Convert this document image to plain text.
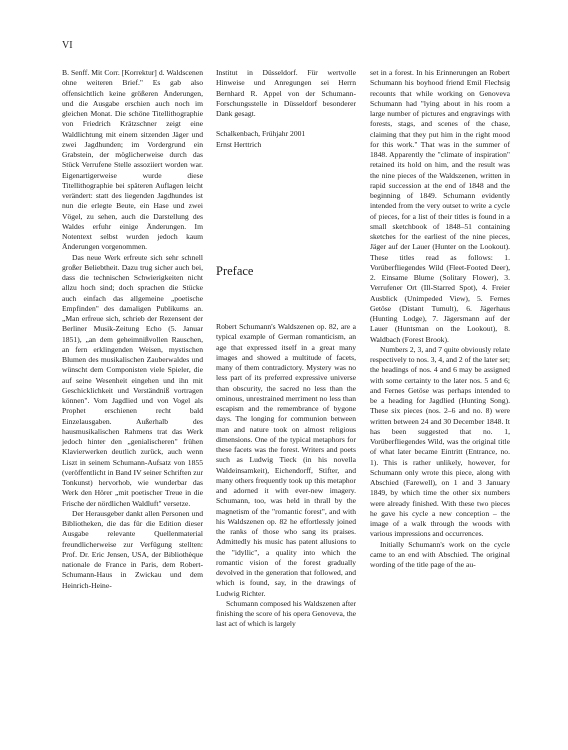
VI

B. Senff. Mit Corr. [Korrektur] d. Waldscenen ohne weiteren Brief." Es gab also offensichtlich keine größeren Änderungen, und die Ausgabe erschien auch noch im gleichen Monat. Die schöne Titellithographie von Friedrich Krätzschner zeigt eine Waldlichtung mit einem sitzenden Jäger und zwei Jagdhunden; im Vordergrund ein Grabstein, der möglicherweise durch das Stück Verrufene Stelle assoziiert worden war. Eigenartigerweise wurde diese Titellithographie bei späteren Auflagen leicht verändert: statt des liegenden Jagdhundes ist nun die erlegte Beute, ein Hase und zwei Vögel, zu sehen, auch die Darstellung des Waldes erfuhr einige Änderungen. Im Notentext selbst wurden jedoch kaum Änderungen vorgenommen.

Das neue Werk erfreute sich sehr schnell großer Beliebtheit. Dazu trug sicher auch bei, dass die technischen Schwierigkeiten nicht allzu hoch sind; doch sprachen die Stücke auch einfach das allgemeine „poetische Empfinden" des damaligen Publikums an. „Man erfreue sich, schrieb der Rezensent der Berliner Musik-Zeitung Echo (5. Januar 1851), „an dem geheimnißvollen Rauschen, an fern erklingenden Weisen, mystischen Blumen des musikalischen Zauberwaldes und wünscht dem Componisten viele Spieler, die auf seine Wesenheit eingehen und ihn mit Geschicklichkeit und Verständniß vortragen können". Vom Jagdlied und von Vogel als Prophet erschienen recht bald Einzelausgaben. Außerhalb des hausmusikalischen Rahmens trat das Werk jedoch hinter den „genialischeren" frühen Klavierwerken deutlich zurück, auch wenn Liszt in seinem Schumann-Aufsatz von 1855 (veröffentlicht in Band IV seiner Schriften zur Tonkunst) hervorhob, wie wunderbar das Werk den Hörer „mit poetischer Treue in die Frische der nördlichen Waldluft" versetze.

Der Herausgeber dankt allen Personen und Bibliotheken, die das für die Edition dieser Ausgabe relevante Quellenmaterial freundlicherweise zur Verfügung stellten: Prof. Dr. Eric Jensen, USA, der Bibliothèque nationale de France in Paris, dem Robert-Schumann-Haus in Zwickau und dem Heinrich-Heine-

Institut in Düsseldorf. Für wertvolle Hinweise und Anregungen sei Herrn Bernhard R. Appel von der Schumann-Forschungsstelle in Düsseldorf besonderer Dank gesagt.

Schalkenbach, Frühjahr 2001

Ernst Herttrich

Preface

Robert Schumann's Waldszenen op. 82, are a typical example of German romanticism, an age that expressed itself in a great many images and showed a multitude of facets, many of them contradictory. Mystery was no less part of its preferred expressive universe than obscurity, the sacred no less than the ominous, unrestrained merriment no less than escapism and the remembrance of bygone days. The longing for communion between man and nature took on almost religious dimensions. One of the typical metaphors for these facets was the forest. Writers and poets such as Ludwig Tieck (in his novella Waldeinsamkeit), Eichendorff, Stifter, and many others frequently took up this metaphor and adorned it with ever-new imagery. Schumann, too, was held in thrall by the magnetism of the "romantic forest", and with his Waldszenen op. 82 he effortlessly joined the ranks of those who sang its praises. Admittedly his music has patent allusions to the "idyllic", a quality into which the romantic vision of the forest gradually devolved in the generation that followed, and which is found, say, in the drawings of Ludwig Richter.

Schumann composed his Waldszenen after finishing the score of his opera Genoveva, the last act of which is largely

set in a forest. In his Erinnerungen an Robert Schumann his boyhood friend Emil Flechsig recounts that while working on Genoveva Schumann had "lying about in his room a large number of pictures and engravings with forests, stags, and scenes of the chase, claiming that they put him in the right mood for this work." That was in the summer of 1848. Apparently the "climate of inspiration" retained its hold on him, and the result was the nine pieces of the Waldszenen, written in rapid succession at the end of 1848 and the beginning of 1849. Schumann evidently intended from the very outset to write a cycle of pieces, for a list of their titles is found in a small sketchbook of 1848–51 containing sketches for the earliest of the nine pieces, Jäger auf der Lauer (Hunter on the Lookout). These titles read as follows: 1. Vorüberfliegendes Wild (Fleet-Footed Deer), 2. Einsame Blume (Solitary Flower), 3. Verrufener Ort (Ill-Starred Spot), 4. Freier Ausblick (Unimpeded View), 5. Fernes Getöse (Distant Tumult), 6. Jägerhaus (Hunting Lodge), 7. Jägersmann auf der Lauer (Huntsman on the Lookout), 8. Waldbach (Forest Brook).

Numbers 2, 3, and 7 quite obviously relate respectively to nos. 3, 4, and 2 of the later set; the headings of nos. 4 and 6 may be assigned with some certainty to the later nos. 5 and 6; and Fernes Getöse was perhaps intended to be a heading for Jagdlied (Hunting Song). These six pieces (nos. 2–6 and no. 8) were written between 24 and 30 December 1848. It has been suggested that no. 1, Vorüberfliegendes Wild, was the original title of what later became Eintritt (Entrance, no. 1). This is rather unlikely, however, for Schumann only wrote this piece, along with Abschied (Farewell), on 1 and 3 January 1849, by which time the other six numbers were already finished. With these two pieces he gave his cycle a new conception – the image of a walk through the woods with various impressions and occurrences.

Initially Schumann's work on the cycle came to an end with Abschied. The original wording of the title page of the au-
